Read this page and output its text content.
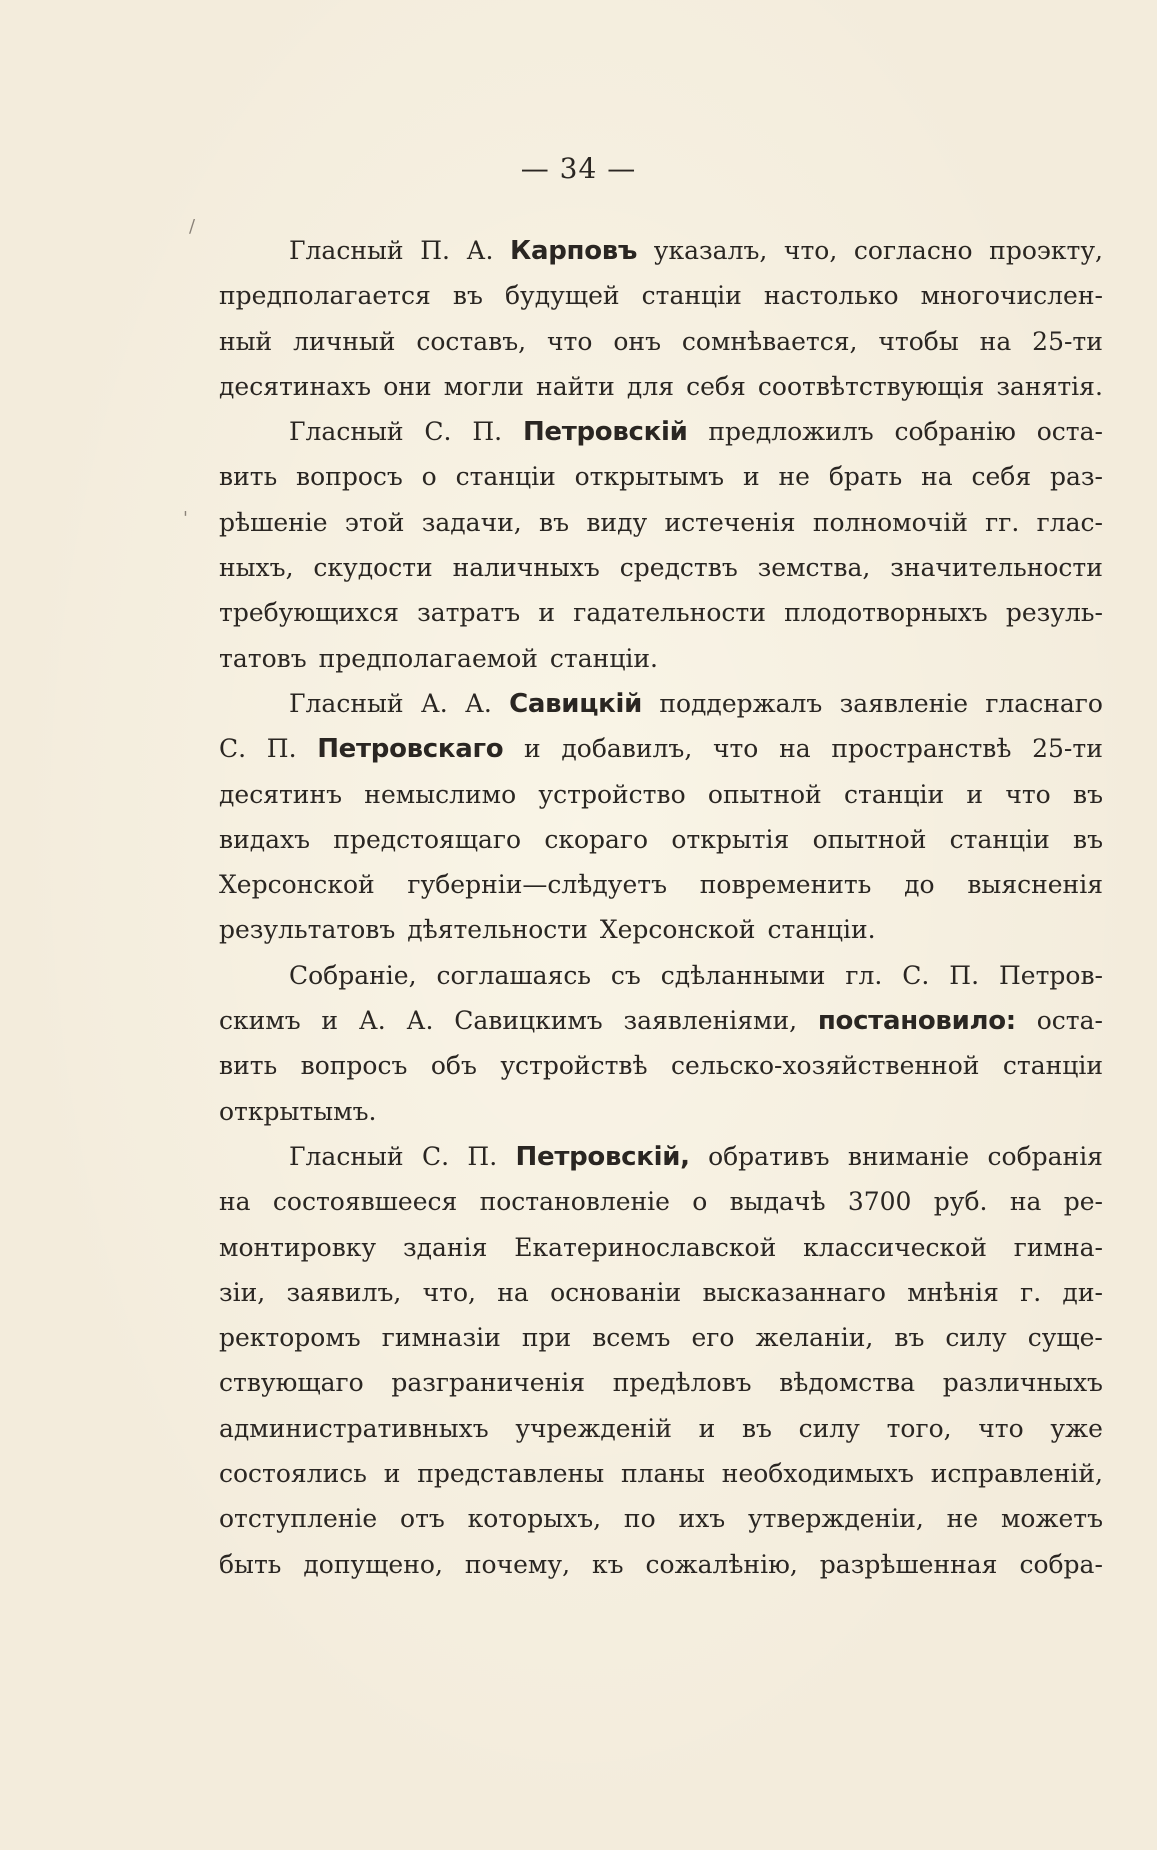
— 34 —
/
'
Гласный П. А. Карповъ указалъ, что, согласно проэкту,
предполагается въ будущей станціи настолько многочислен-
ный личный составъ, что онъ сомнѣвается, чтобы на 25-ти
десятинахъ они могли найти для себя соотвѣтствующія занятія.
Гласный С. П. Петровскій предложилъ собранію оста-
вить вопросъ о станціи открытымъ и не брать на себя раз-
рѣшеніе этой задачи, въ виду истеченія полномочій гг. глас-
ныхъ, скудости наличныхъ средствъ земства, значительности
требующихся затратъ и гадательности плодотворныхъ резуль-
татовъ предполагаемой станціи.
Гласный А. А. Савицкій поддержалъ заявленіе гласнаго
С. П. Петровскаго и добавилъ, что на пространствѣ 25-ти
десятинъ немыслимо устройство опытной станціи и что въ
видахъ предстоящаго скораго открытія опытной станціи въ
Херсонской губерніи—слѣдуетъ повременить до выясненія
результатовъ дѣятельности Херсонской станціи.
Собраніе, соглашаясь съ сдѣланными гл. С. П. Петров-
скимъ и А. А. Савицкимъ заявленіями, постановило: оста-
вить вопросъ объ устройствѣ сельско-хозяйственной станціи
открытымъ.
Гласный С. П. Петровскій, обративъ вниманіе собранія
на состоявшееся постановленіе о выдачѣ 3700 руб. на ре-
монтировку зданія Екатеринославской классической гимна-
зіи, заявилъ, что, на основаніи высказаннаго мнѣнія г. ди-
ректоромъ гимназіи при всемъ его желаніи, въ силу суще-
ствующаго разграниченія предѣловъ вѣдомства различныхъ
административныхъ учрежденій и въ силу того, что уже
состоялись и представлены планы необходимыхъ исправленій,
отступленіе отъ которыхъ, по ихъ утвержденіи, не можетъ
быть допущено, почему, къ сожалѣнію, разрѣшенная собра-
